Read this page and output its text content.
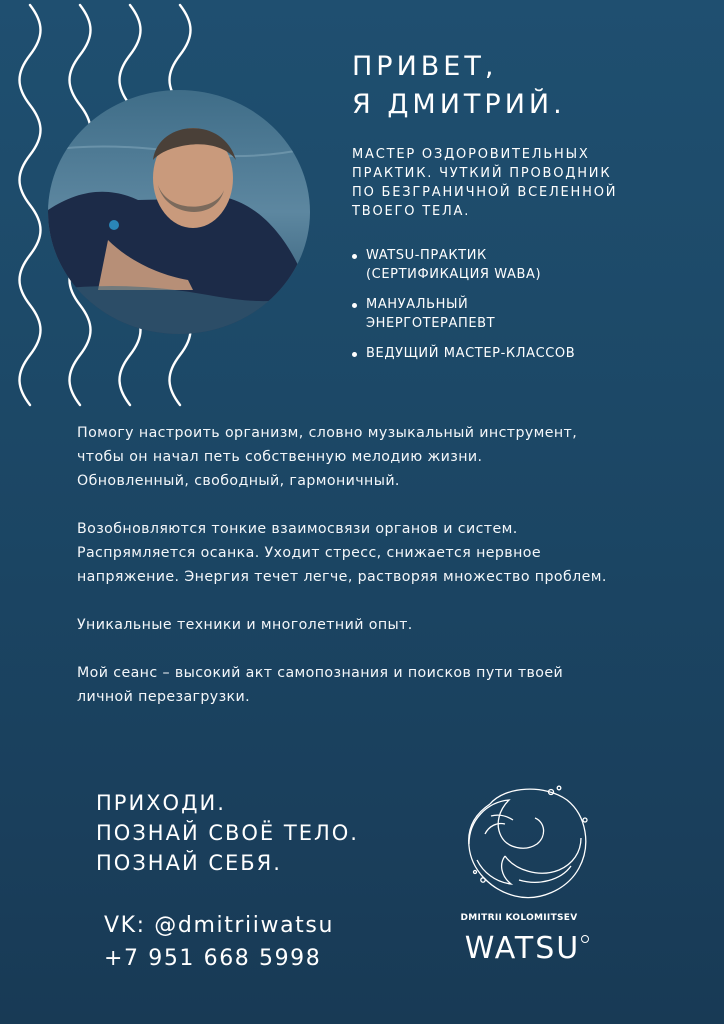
ПРИВЕТ,
Я ДМИТРИЙ.

МАСТЕР ОЗДОРОВИТЕЛЬНЫХ
ПРАКТИК. ЧУТКИЙ ПРОВОДНИК
ПО БЕЗГРАНИЧНОЙ ВСЕЛЕННОЙ
ТВОЕГО ТЕЛА.

WATSU-ПРАКТИК
(СЕРТИФИКАЦИЯ WABA)
МАНУАЛЬНЫЙ
ЭНЕРГОТЕРАПЕВТ
ВЕДУЩИЙ МАСТЕР-КЛАССОВ

Помогу настроить организм, словно музыкальный инструмент,
чтобы он начал петь собственную мелодию жизни.
Обновленный, свободный, гармоничный.

Возобновляются тонкие взаимосвязи органов и систем.
Распрямляется осанка. Уходит стресс, снижается нервное
напряжение. Энергия течет легче, растворяя множество проблем.

Уникальные техники и многолетний опыт.

Мой сеанс – высокий акт самопознания и поисков пути твоей
личной перезагрузки.

ПРИХОДИ.
ПОЗНАЙ СВОЁ ТЕЛО.
ПОЗНАЙ СЕБЯ.
VK: @dmitriiwatsu
+7 951 668 5998
DMITRII KOLOMIITSEV
WATSU
